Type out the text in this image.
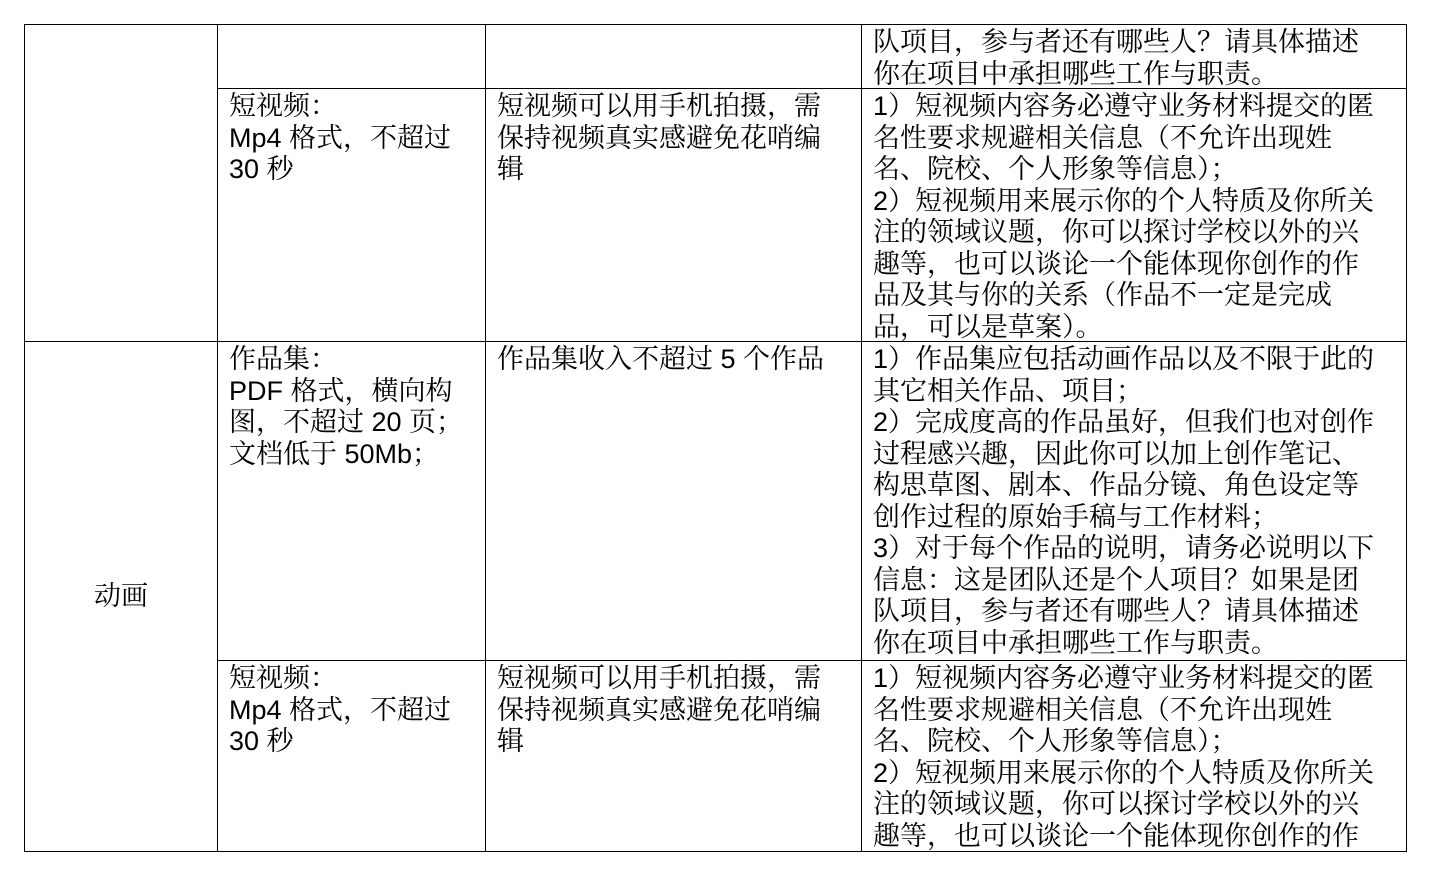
队项目，参与者还有哪些人？请具体描述
你在项目中承担哪些工作与职责。
短视频：
Mp4 格式，不超过
30 秒
短视频可以用手机拍摄，需
保持视频真实感避免花哨编
辑
1）短视频内容务必遵守业务材料提交的匿
名性要求规避相关信息（不允许出现姓
名、院校、个人形象等信息）；
2）短视频用来展示你的个人特质及你所关
注的领域议题，你可以探讨学校以外的兴
趣等，也可以谈论一个能体现你创作的作
品及其与你的关系（作品不一定是完成
品，可以是草案）。
动画
作品集：
PDF 格式，横向构
图，不超过 20 页；
文档低于 50Mb；
作品集收入不超过 5 个作品	1）作品集应包括动画作品以及不限于此的
其它相关作品、项目；
2）完成度高的作品虽好，但我们也对创作
过程感兴趣，因此你可以加上创作笔记、
构思草图、剧本、作品分镜、角色设定等
创作过程的原始手稿与工作材料；
3）对于每个作品的说明，请务必说明以下
信息：这是团队还是个人项目？如果是团
队项目，参与者还有哪些人？请具体描述
你在项目中承担哪些工作与职责。
短视频：
Mp4 格式，不超过
30 秒
短视频可以用手机拍摄，需
保持视频真实感避免花哨编
辑
1）短视频内容务必遵守业务材料提交的匿
名性要求规避相关信息（不允许出现姓
名、院校、个人形象等信息）；
2）短视频用来展示你的个人特质及你所关
注的领域议题，你可以探讨学校以外的兴
趣等，也可以谈论一个能体现你创作的作
